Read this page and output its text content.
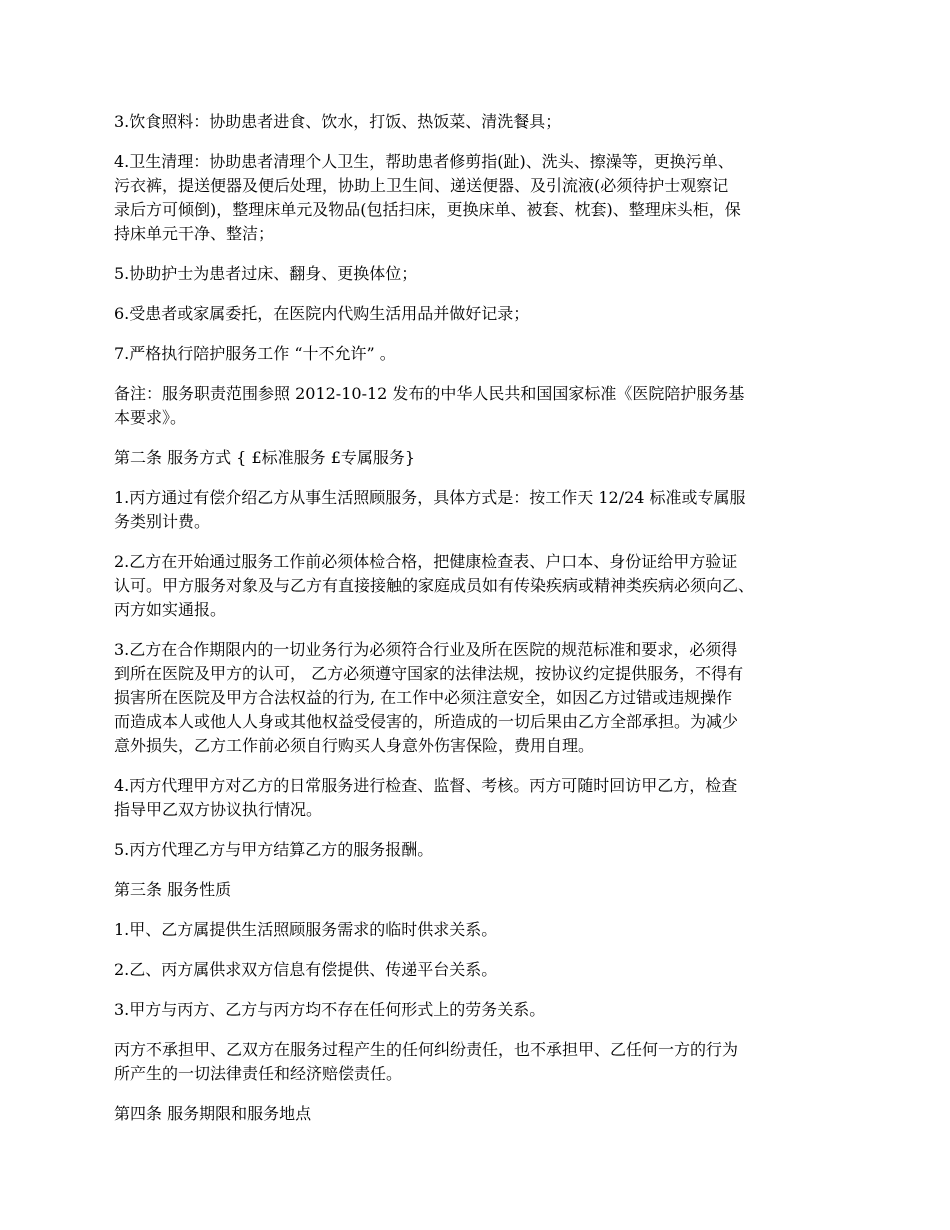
3.饮食照料：协助患者进食、饮水，打饭、热饭菜、清洗餐具；

4.卫生清理：协助患者清理个人卫生，帮助患者修剪指(趾)、洗头、擦澡等，更换污单、
污衣裤，提送便器及便后处理，协助上卫生间、递送便器、及引流液(必须待护士观察记
录后方可倾倒)，整理床单元及物品(包括扫床，更换床单、被套、枕套)、整理床头柜，保
持床单元干净、整洁；

5.协助护士为患者过床、翻身、更换体位；

6.受患者或家属委托，在医院内代购生活用品并做好记录；

7.严格执行陪护服务工作 “十不允许” 。

备注：服务职责范围参照 2012-10-12 发布的中华人民共和国国家标准《医院陪护服务基
本要求》。

第二条 服务方式 { £标准服务 £专属服务}

1.丙方通过有偿介绍乙方从事生活照顾服务，具体方式是：按工作天 12/24 标准或专属服
务类别计费。

2.乙方在开始通过服务工作前必须体检合格，把健康检查表、户口本、身份证给甲方验证
认可。甲方服务对象及与乙方有直接接触的家庭成员如有传染疾病或精神类疾病必须向乙、
丙方如实通报。

3.乙方在合作期限内的一切业务行为必须符合行业及所在医院的规范标准和要求，必须得
到所在医院及甲方的认可， 乙方必须遵守国家的法律法规，按协议约定提供服务，不得有
损害所在医院及甲方合法权益的行为, 在工作中必须注意安全，如因乙方过错或违规操作
而造成本人或他人人身或其他权益受侵害的，所造成的一切后果由乙方全部承担。为减少
意外损失，乙方工作前必须自行购买人身意外伤害保险，费用自理。

4.丙方代理甲方对乙方的日常服务进行检查、监督、考核。丙方可随时回访甲乙方，检查
指导甲乙双方协议执行情况。

5.丙方代理乙方与甲方结算乙方的服务报酬。

第三条 服务性质

1.甲、乙方属提供生活照顾服务需求的临时供求关系。

2.乙、丙方属供求双方信息有偿提供、传递平台关系。

3.甲方与丙方、乙方与丙方均不存在任何形式上的劳务关系。

丙方不承担甲、乙双方在服务过程产生的任何纠纷责任，也不承担甲、乙任何一方的行为
所产生的一切法律责任和经济赔偿责任。

第四条 服务期限和服务地点
